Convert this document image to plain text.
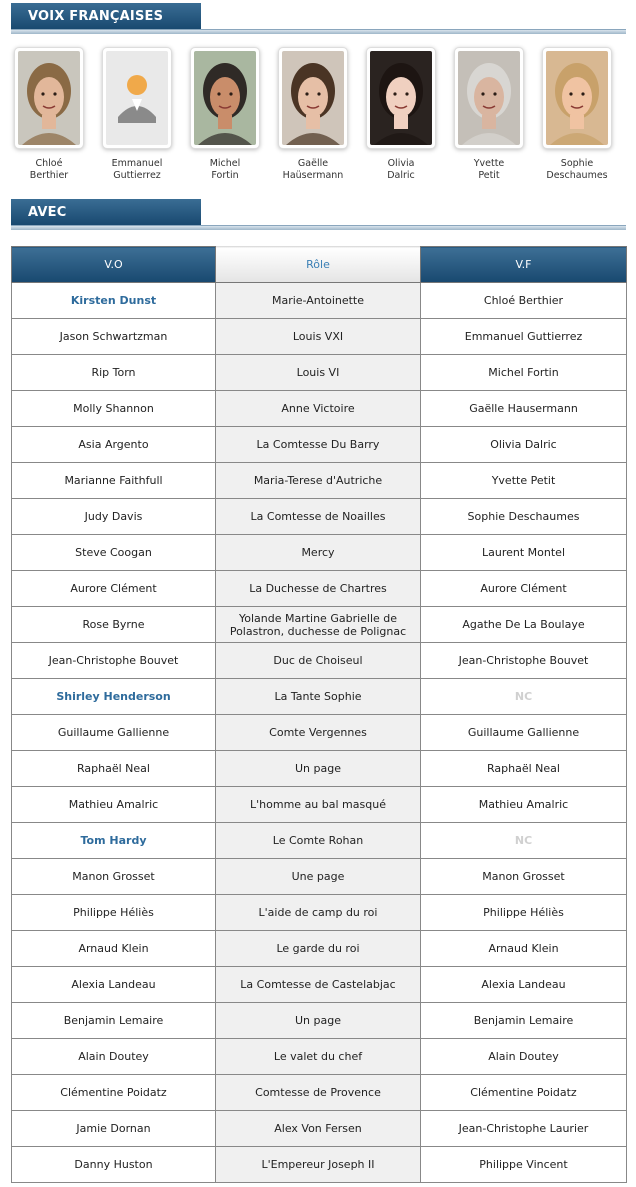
VOIX FRANÇAISES
Chloé
Berthier
Emmanuel
Guttierrez
Michel
Fortin
Gaëlle
Haüsermann
Olivia
Dalric
Yvette
Petit
Sophie
Deschaumes
AVEC
V.O	Rôle	V.F
Kirsten Dunst	Marie-Antoinette	Chloé Berthier
Jason Schwartzman	Louis VXI	Emmanuel Guttierrez
Rip Torn	Louis VI	Michel Fortin
Molly Shannon	Anne Victoire	Gaëlle Hausermann
Asia Argento	La Comtesse Du Barry	Olivia Dalric
Marianne Faithfull	Maria-Terese d'Autriche	Yvette Petit
Judy Davis	La Comtesse de Noailles	Sophie Deschaumes
Steve Coogan	Mercy	Laurent Montel
Aurore Clément	La Duchesse de Chartres	Aurore Clément
Rose Byrne	Yolande Martine Gabrielle de Polastron, duchesse de Polignac	Agathe De La Boulaye
Jean-Christophe Bouvet	Duc de Choiseul	Jean-Christophe Bouvet
Shirley Henderson	La Tante Sophie	NC
Guillaume Gallienne	Comte Vergennes	Guillaume Gallienne
Raphaël Neal	Un page	Raphaël Neal
Mathieu Amalric	L'homme au bal masqué	Mathieu Amalric
Tom Hardy	Le Comte Rohan	NC
Manon Grosset	Une page	Manon Grosset
Philippe Héliès	L'aide de camp du roi	Philippe Héliès
Arnaud Klein	Le garde du roi	Arnaud Klein
Alexia Landeau	La Comtesse de Castelabjac	Alexia Landeau
Benjamin Lemaire	Un page	Benjamin Lemaire
Alain Doutey	Le valet du chef	Alain Doutey
Clémentine Poidatz	Comtesse de Provence	Clémentine Poidatz
Jamie Dornan	Alex Von Fersen	Jean-Christophe Laurier
Danny Huston	L'Empereur Joseph II	Philippe Vincent
